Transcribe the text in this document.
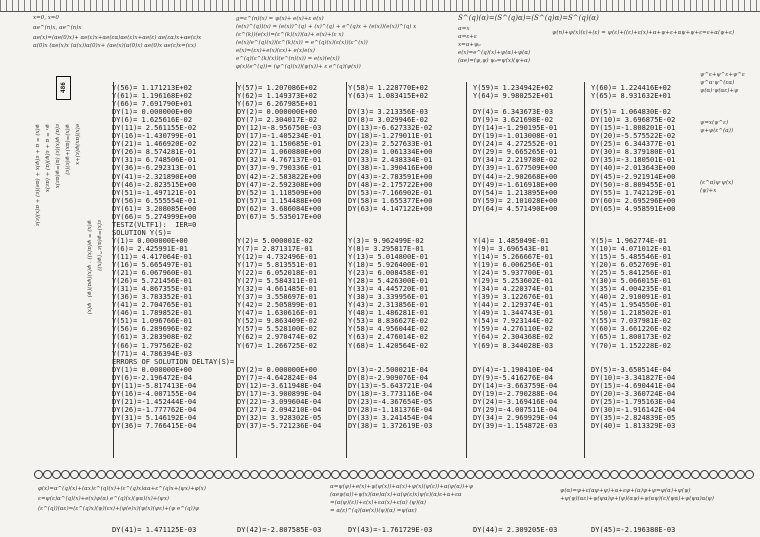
x=0, x=0
αe^(n)x, αe^(n)x
αe(x)=(αe(0)x)+ αe(ε)x+αe(εα)αe(ε)x+αe(ε) αe(εα)x+αe(ε)x
α(0)x (αe(x)x (α(x))α(0)x+ (αe(x)(α(0)x) αe(0)x αe(ε)x=(εx)
g=ε^(n)(x) = ψ(x)+ e(x)+ε e(x)
(e(x)^(q))(x) = (e(x))^(q) + (x)^(q) + e^(q)x + (e(x))(e(x))^(q) x
(ε^(k))(e(x))=(ε^(k)(x))(α)+ e(x)+(ε x)
(e(x)/e^(q)(x))(ε^(k)(x)) = e^(q)(x)(ε(x))(ε^(x))
e(x)=(εx)+e(x)(εx)+ e(x)e(x)
e^(q)(ε^(k)(x))(e^(n)(x)) = e(x)(e(x))
φ(x)(e^(q))= (ψ^(q)(x))(ψ(x))+ ε e^(q)(ψ(x))
S^(q)(α)=(S^(q)α)=(S^(q)α)=S^(q)(α)
α=x
α=ε+ε
x=α+ψ₀
e(x)=e^(q)(x)+ψ(α)+ψ(α)
(αe)=(ψ,ψ) ψ₀=ψ(x)(ψ+α)
ψ(n)+ψ(x)(ε)+(ε) = ψ(ε)+((ε)+ε(x)+α+ψ+ε+αψ+ψ+ε=ε+α(ψ+ε)
ψ^ε+ψ^ε+ψ^ε
ψ^α·ψ^(εα)
ψ(α)·ψ(αε)+ψ
ψ=x(ψ^ε)
ψ+ψ(ε^(α))
(ε^α)ψ·ψ(x)
(ψ)+x
ψ(x) = α + ε(ψ)x + (αe)(ε) + α(x)(ε)ε ψ₁ = α + ε(ψ)(α) + (αε)x ε(α) ψ(x)(ε) (α)=ψ(αε)x ψ(x)=(αx)+ψ(ε)(ε) e(x)(αx)ψ(ε)+x
ψ(x) = ψ(α(x)) · ψ(x)(ψα)(ψ) · ψ(x) ε(x)=ψ(α)ε^(ψ(x))
486	Y(56)= 1.171213E+02	Y(57)= 1.207086E+02	Y(58)= 1.228770E+02	Y(59)= 1.234942E+02	Y(60)= 1.224416E+02
Y(61)= 1.196168E+02	Y(62)= 1.149373E+02	Y(63)= 1.083415E+02	Y(64)= 9.980252E+01	Y(65)= 8.931632E+01
Y(66)= 7.691790E+01	Y(67)= 6.267985E+01
DY(1)= 0.000000E+00	DY(2)= 0.000000E+00	DY(3)= 3.213356E-03	DY(4)= 6.343673E-03	DY(5)= 1.064830E-02
DY(6)= 1.625616E-02	DY(7)= 2.304017E-02	DY(8)= 3.029946E-02	DY(9)= 3.621698E-02	DY(10)= 3.696875E-02
DY(11)= 2.561155E-02	DY(12)=-8.956750E-03	DY(13)=-6.627332E-02	DY(14)=-1.290195E-01	DY(15)=-1.808201E-01
DY(16)=-1.430799E-01	DY(17)=-1.405234E-01	DY(18)=-1.279011E-01	DY(19)=-1.013008E-01	DY(20)=-5.575522E-02
DY(21)= 1.466920E-02	DY(22)= 1.150685E-01	DY(23)= 2.527633E-01	DY(24)= 4.272552E-01	DY(25)= 6.344377E-01
DY(26)= 8.574281E-01	DY(27)= 1.060880E+00	DY(28)= 1.061334E+00	DY(29)= 9.665265E-01	DY(30)= 8.379180E-01
DY(31)= 6.748506E-01	DY(32)= 4.767137E-01	DY(33)= 2.438334E-01	DY(34)= 2.219780E-02	DY(35)=-3.180501E-01
DY(36)=-6.292313E-01	DY(37)=-9.790336E-01	DY(38)=-1.390416E+00	DY(39)=-1.677509E+00	DY(40)=-2.013643E+00
DY(41)=-2.321890E+00	DY(42)=-2.583822E+00	DY(43)=-2.783591E+00	DY(44)=-2.902668E+00	DY(45)=-2.921914E+00
DY(46)=-2.823515E+00	DY(47)=-2.592308E+00	DY(48)=-2.175722E+00	DY(49)=-1.616918E+00	DY(50)=-8.809455E-01
DY(51)=-1.497121E-01	DY(52)= 1.118509E+00	DY(53)=-7.166902E-01	DY(54)= 1.213895E+00	DY(55)= 1.742129E-01
DY(56)= 6.555554E-01	DY(57)= 1.154488E+00	DY(58)= 1.655377E+00	DY(59)= 2.101028E+00	DY(60)= 2.695296E+00
DY(61)= 3.208085E+00	DY(62)= 3.686084E+00	DY(63)= 4.147122E+00	DY(64)= 4.571490E+00	DY(65)= 4.958591E+00
DY(66)= 5.274999E+00	DY(67)= 5.535017E+00
TESTZ(VLTF1):  IER=0
SOLUTION Y(S)=
Y(1)= 0.000000E+00	Y(2)= 5.000001E-02	Y(3)= 9.962499E-02	Y(4)= 1.485049E-01	Y(5)= 1.962774E-01
Y(6)= 2.425991E-01	Y(7)= 2.871317E-01	Y(8)= 3.295817E-01	Y(9)= 3.696543E-01	Y(10)= 4.071012E-01
Y(11)= 4.417064E-01	Y(12)= 4.732496E-01	Y(13)= 5.014800E-01	Y(14)= 5.266667E-01	Y(15)= 5.485546E-01
Y(16)= 5.665497E-01	Y(17)= 5.813551E-01	Y(18)= 5.926400E-01	Y(19)= 6.006256E-01	Y(20)= 6.052769E-01
Y(21)= 6.067960E-01	Y(22)= 6.052018E-01	Y(23)= 6.008458E-01	Y(24)= 5.937700E-01	Y(25)= 5.841256E-01
Y(26)= 5.721456E-01	Y(27)= 5.584311E-01	Y(28)= 5.426300E-01	Y(29)= 5.253602E-01	Y(30)= 5.066015E-01
Y(31)= 4.867355E-01	Y(32)= 4.661485E-01	Y(33)= 4.445720E-01	Y(34)= 4.220374E-01	Y(35)= 4.004235E-01
Y(36)= 3.783352E-01	Y(37)= 3.558697E-01	Y(38)= 3.339956E-01	Y(39)= 3.122676E-01	Y(40)= 2.910091E-01
Y(41)= 2.704765E-01	Y(42)= 2.505899E-01	Y(43)= 2.313856E-01	Y(44)= 2.129374E-01	Y(45)= 1.954550E-01
Y(46)= 1.789852E-01	Y(47)= 1.630616E-01	Y(48)= 1.486281E-01	Y(49)= 1.344743E-01	Y(50)= 1.218502E-01
Y(51)= 1.096766E-01	Y(52)= 9.863409E-02	Y(53)= 8.836627E-02	Y(54)= 7.923144E-02	Y(55)= 7.037981E-02
Y(56)= 6.289696E-02	Y(57)= 5.528100E-02	Y(58)= 4.956044E-02	Y(59)= 4.276110E-02	Y(60)= 3.661226E-02
Y(61)= 3.283908E-02	Y(62)= 2.970474E-02	Y(63)= 2.476014E-02	Y(64)= 2.304368E-02	Y(65)= 1.800173E-02
Y(66)= 1.797562E-02	Y(67)= 1.266725E-02	Y(68)= 1.420564E-02	Y(69)= 8.344028E-03	Y(70)= 1.152228E-02
Y(71)= 4.786394E-03
ERRORS OF SOLUTION DELTAY(S)=
DY(1)= 0.000000E+00	DY(2)= 0.000000E+00	DY(3)=-2.500021E-04	DY(4)=-1.190410E-04	DY(5)=-3.650514E-04
DY(6)=-2.196472E-04	DY(7)=-4.642824E-04	DY(8)=-2.909076E-04	DY(9)=-5.416276E-04	DY(10)=-3.341827E-04
DY(11)=-5.817413E-04	DY(12)=-3.611948E-04	DY(13)=-5.643721E-04	DY(14)=-3.663759E-04	DY(15)=-4.690441E-04
DY(16)=-4.007155E-04	DY(17)=-3.900899E-04	DY(18)=-3.773116E-04	DY(19)=-2.790288E-04	DY(20)=-3.360724E-04
DY(21)=-1.452444E-04	DY(22)=-3.099604E-04	DY(23)=-4.367654E-05	DY(24)=-3.169416E-04	DY(25)=-1.795163E-04
DY(26)=-1.777762E-04	DY(27)= 2.094210E-04	DY(28)=-1.181376E-04	DY(29)=-4.007511E-04	DY(30)=-1.916142E-04
DY(31)= 5.146192E-04	DY(32)= 3.928302E-05	DY(33)= 3.241454E-04	DY(34)= 2.969929E-04	DY(35)=-2.824839E-05
DY(36)= 7.766415E-04	DY(37)=-5.721236E-04	DY(38)= 1.372619E-03	DY(39)=-1.154872E-03	DY(40)= 1.813329E-03
φ(x)=α^(q)(x)+(αx)ε^(q)(x)+(ε^(q)x)αα+ε^(q)x+(ψx)+φ(x)
ε=ψ(ε)α^(q)(x)+e(x)ψ(α) e^(q)(x)(ψα)(x)+(ψx)
(ε^(q))(αε)=(ε^(q)x)(ψ)(εx)+(ψ(e)x)(ψ(x)(ψε)+(ψ e^(q))ψ
α=ψ(ψ)+e(x)+ψ(ψ(x))+α(x)+ψ(x)(ψ(ε))+α(ψ(α))+ψ
(αeψ(α))+ψ(x)(αe)α(x)+α(ψ(ε)x)ψ(ε)(α)ε+α+εα
=(α(ψ)(ε))+ε(x)+εα(x)+ε(α) (ψ)(α)
= α(ε)^(q)(αe(x))(ψ)(α) =ψ(αε)
ψ(α)=ψ+ε(αψ+ψ)+α+εψ+(α)ψ+ψ=ψ(α)+ψ(ψ)
+ψ(ψ)(αε)+ψ(ψα)ψ+(ψ)(αψ)+ψ(αψ)(ε)(ψα)+ψ(ψα)α(ψ)
DY(41)= 1.471125E-03	DY(42)=-2.807585E-03	DY(43)=-1.761729E-03	DY(44)= 2.309205E-03	DY(45)=-2.196388E-03
